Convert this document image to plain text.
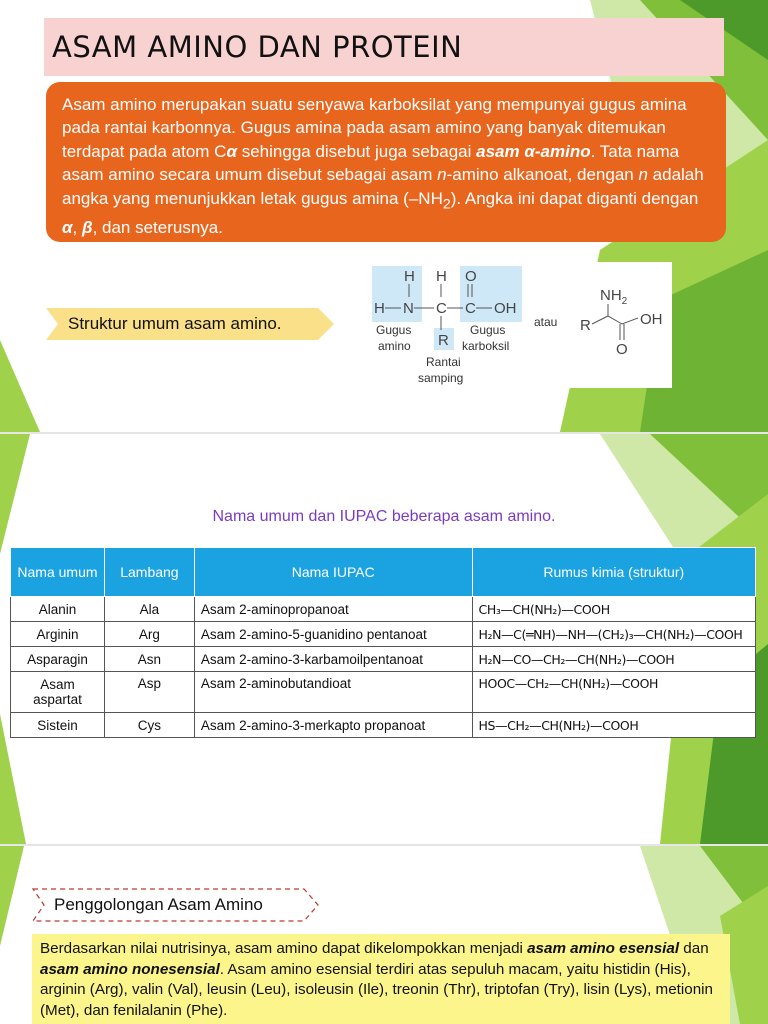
ASAM AMINO DAN PROTEIN
Asam amino merupakan suatu senyawa karboksilat yang mempunyai gugus amina pada rantai karbonnya. Gugus amina pada asam amino yang banyak ditemukan terdapat pada atom Cα sehingga disebut juga sebagai asam α-amino. Tata nama asam amino secara umum disebut sebagai asam n-amino alkanoat, dengan n adalah angka yang menunjukkan letak gugus amina $(-NH_2)$. Angka ini dapat diganti dengan α, β, dan seterusnya.
Struktur umum asam amino.
H H O
H N C C OH
R
Gugus
amino
Gugus
karboksil
Rantai
samping
atau
$NH_2$
R	OH
O
Nama umum dan IUPAC beberapa asam amino.
Nama umum	Lambang	Nama IUPAC	Rumus kimia (struktur)
Alanin	Ala	Asam 2-aminopropanoat	CH₃—CH(NH₂)—COOH
Arginin	Arg	Asam 2-amino-5-guanidino pentanoat	H₂N—C(═NH)—NH—(CH₂)₃—CH(NH₂)—COOH
Asparagin	Asn	Asam 2-amino-3-karbamoilpentanoat	H₂N—CO—CH₂—CH(NH₂)—COOH
Asam aspartat	Asp	Asam 2-aminobutandioat	HOOC—CH₂—CH(NH₂)—COOH
Sistein	Cys	Asam 2-amino-3-merkapto propanoat	HS—CH₂—CH(NH₂)—COOH
Penggolongan Asam Amino
Berdasarkan nilai nutrisinya, asam amino dapat dikelompokkan menjadi asam amino esensial dan asam amino nonesensial. Asam amino esensial terdiri atas sepuluh macam, yaitu histidin (His), arginin (Arg), valin (Val), leusin (Leu), isoleusin (Ile), treonin (Thr), triptofan (Try), lisin (Lys), metionin (Met), dan fenilalanin (Phe).
